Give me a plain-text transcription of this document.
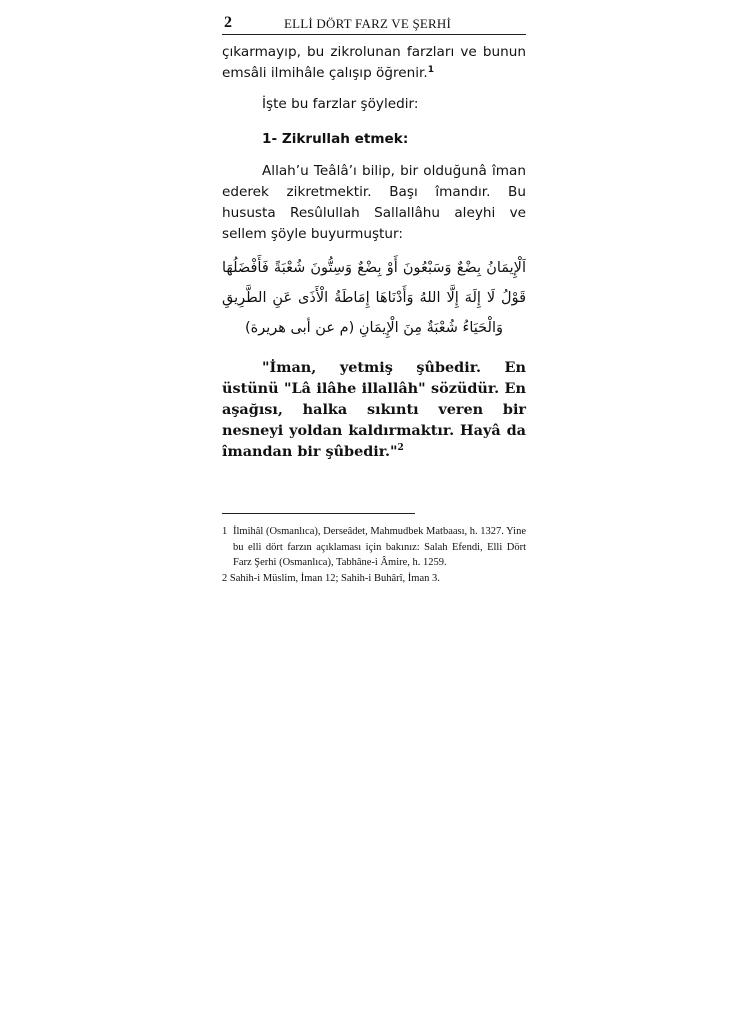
2	ELLİ DÖRT FARZ VE ŞERHİ

çıkarmayıp, bu zikrolunan farzları ve bunun emsâli ilmihâle çalışıp öğrenir.$^1$

İşte bu farzlar şöyledir:

1- Zikrullah etmek:

Allah’u Teâlâ’ı bilip, bir olduğunâ îman ederek zikretmektir. Başı îmandır. Bu hususta Resûlullah Sallallâhu aleyhi ve sellem şöyle buyurmuştur:

اَلْإِيمَانُ بِضْعٌ وَسَبْعُونَ أَوْ بِضْعٌ وَسِتُّونَ شُعْبَةً فَأَفْضَلُهَا قَوْلُ لَا إِلَهَ إِلَّا اللهُ وَأَدْنَاهَا إِمَاطَةُ الْأَذَى عَنِ الطَّرِيقِ وَالْحَيَاءُ شُعْبَةٌ مِنَ الْإِيمَانِ (م عن أبى هريرة)

"İman, yetmiş şûbedir. En üstünü "Lâ ilâhe illallâh" sözüdür. En aşağısı, halka sıkıntı veren bir nesneyi yoldan kaldırmaktır. Hayâ da îmandan bir şûbedir."$^2$

1 İlmihâl (Osmanlıca), Dersеâdet, Mahmudbek Matbaası, h. 1327. Yine bu elli dört farzın açıklaması için bakınız: Salah Efendi, Elli Dört Farz Şerhi (Osmanlıca), Tabhâne-i Âmire, h. 1259.
2 Sahih-i Müslim, İman 12; Sahih-i Buhârî, İman 3.
